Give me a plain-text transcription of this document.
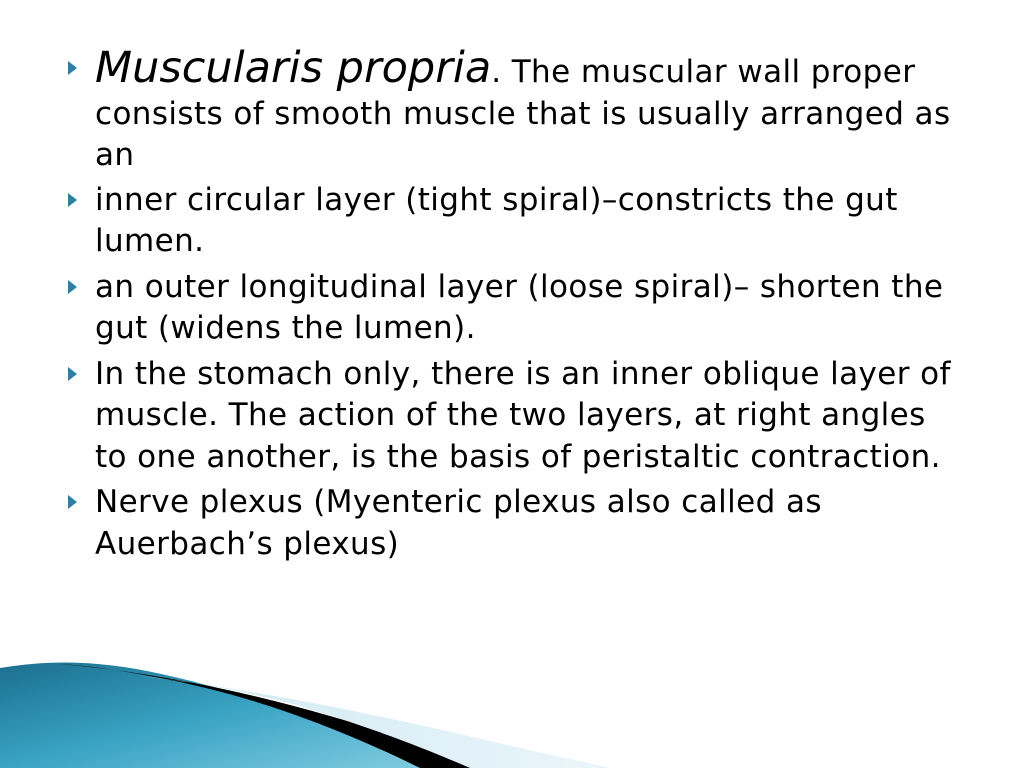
Muscularis propria. The muscular wall proper consists of smooth muscle that is usually arranged as an
inner circular layer (tight spiral)–constricts the gut lumen.
an outer longitudinal layer (loose spiral)– shorten the gut (widens the lumen).
In the stomach only, there is an inner oblique layer of muscle. The action of the two layers, at right angles to one another, is the basis of peristaltic contraction.
Nerve plexus (Myenteric plexus also called as Auerbach’s plexus)
